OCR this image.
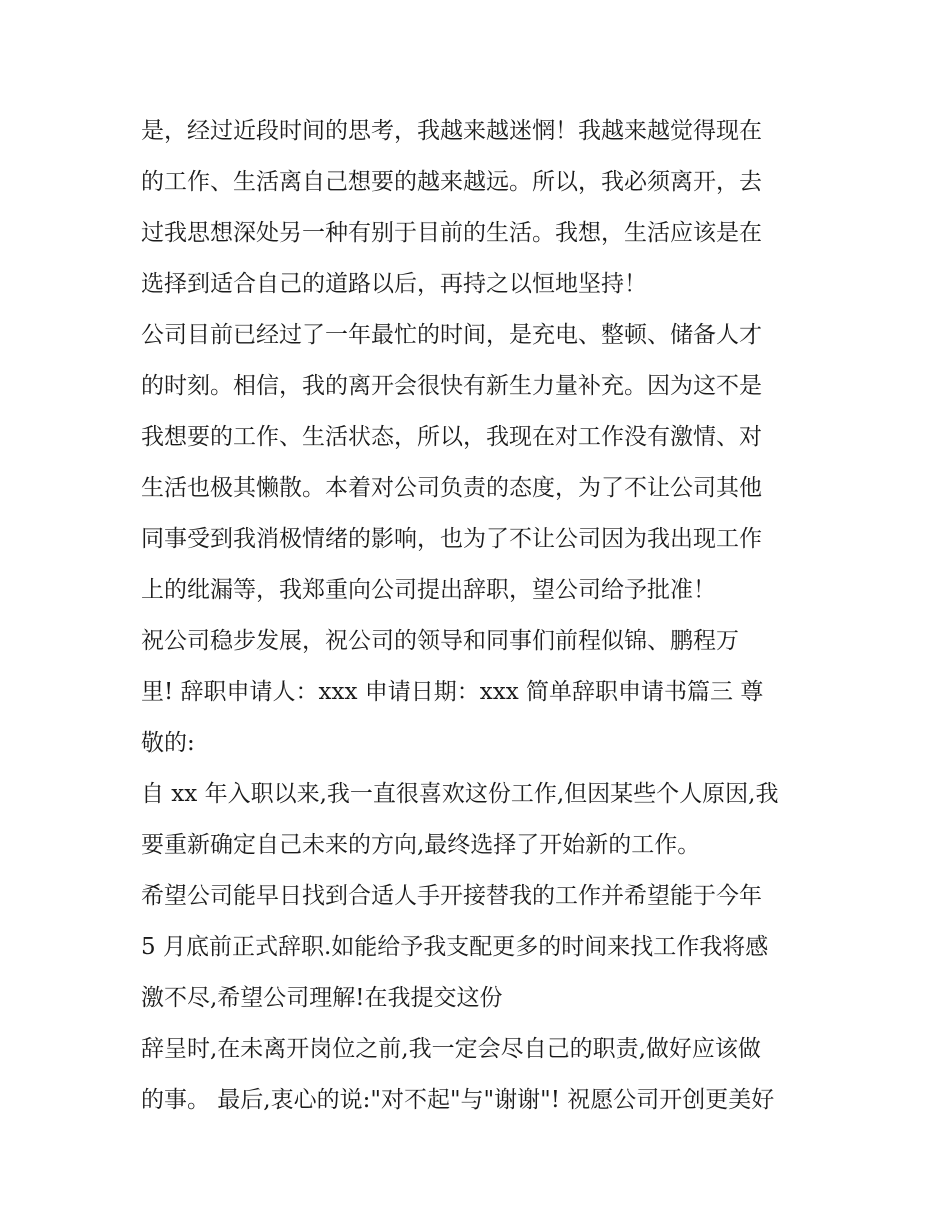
是，经过近段时间的思考，我越来越迷惘！我越来越觉得现在
的工作、生活离自己想要的越来越远。所以，我必须离开，去
过我思想深处另一种有别于目前的生活。我想，生活应该是在
选择到适合自己的道路以后，再持之以恒地坚持！
公司目前已经过了一年最忙的时间，是充电、整顿、储备人才
的时刻。相信，我的离开会很快有新生力量补充。因为这不是
我想要的工作、生活状态，所以，我现在对工作没有激情、对
生活也极其懒散。本着对公司负责的态度，为了不让公司其他
同事受到我消极情绪的影响，也为了不让公司因为我出现工作
上的纰漏等，我郑重向公司提出辞职，望公司给予批准！
祝公司稳步发展，祝公司的领导和同事们前程似锦、鹏程万
里! 辞职申请人：xxx 申请日期：xxx 简单辞职申请书篇三 尊
敬的:
自 xx 年入职以来,我一直很喜欢这份工作,但因某些个人原因,我
要重新确定自己未来的方向,最终选择了开始新的工作。
希望公司能早日找到合适人手开接替我的工作并希望能于今年
5 月底前正式辞职.如能给予我支配更多的时间来找工作我将感
激不尽,希望公司理解!在我提交这份
辞呈时,在未离开岗位之前,我一定会尽自己的职责,做好应该做
的事。 最后,衷心的说:"对不起"与"谢谢"! 祝愿公司开创更美好
